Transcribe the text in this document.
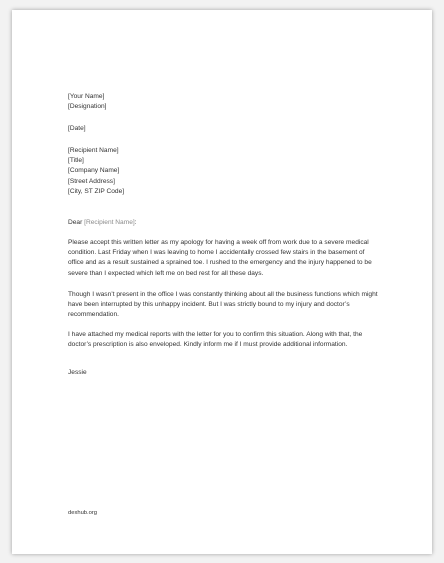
[Your Name]
[Designation]
[Date]
[Recipient Name]
[Title]
[Company Name]
[Street Address]
[City, ST ZIP Code]
Dear [Recipient Name]:
Please accept this written letter as my apology for having a week off from work due to a severe medical condition. Last Friday when I was leaving to home I accidentally crossed few stairs in the basement of office and as a result sustained a sprained toe. I rushed to the emergency and the injury happened to be severe than I expected which left me on bed rest for all these days.
Though I wasn’t present in the office I was constantly thinking about all the business functions which might have been interrupted by this unhappy incident. But I was strictly bound to my injury and doctor’s recommendation.
I have attached my medical reports with the letter for you to confirm this situation. Along with that, the doctor’s prescription is also enveloped. Kindly inform me if I must provide additional information.
Jessie
dexhub.org
